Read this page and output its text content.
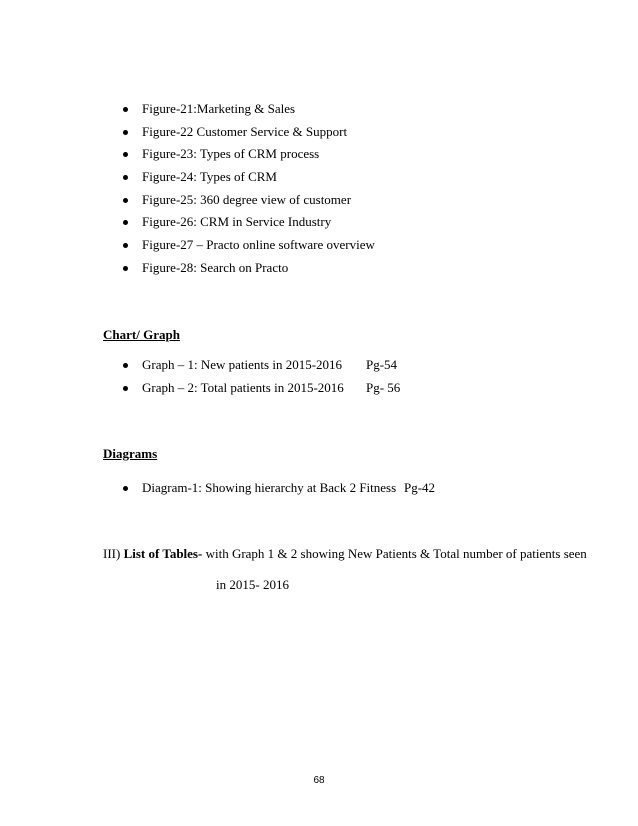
Figure-21:Marketing & Sales
Figure-22 Customer Service & Support
Figure-23: Types of CRM process
Figure-24: Types of CRM
Figure-25: 360 degree view of customer
Figure-26: CRM in Service Industry
Figure-27 – Practo online software overview
Figure-28: Search on Practo
Chart/ Graph
Graph – 1: New patients in 2015-2016
Graph – 2: Total patients in 2015-2016
Pg-54
Pg- 56
Diagrams
Diagram-1: Showing hierarchy at Back 2 Fitness Pg-42
III) List of Tables- with Graph 1 & 2 showing New Patients & Total number of patients seen
in 2015- 2016
68
